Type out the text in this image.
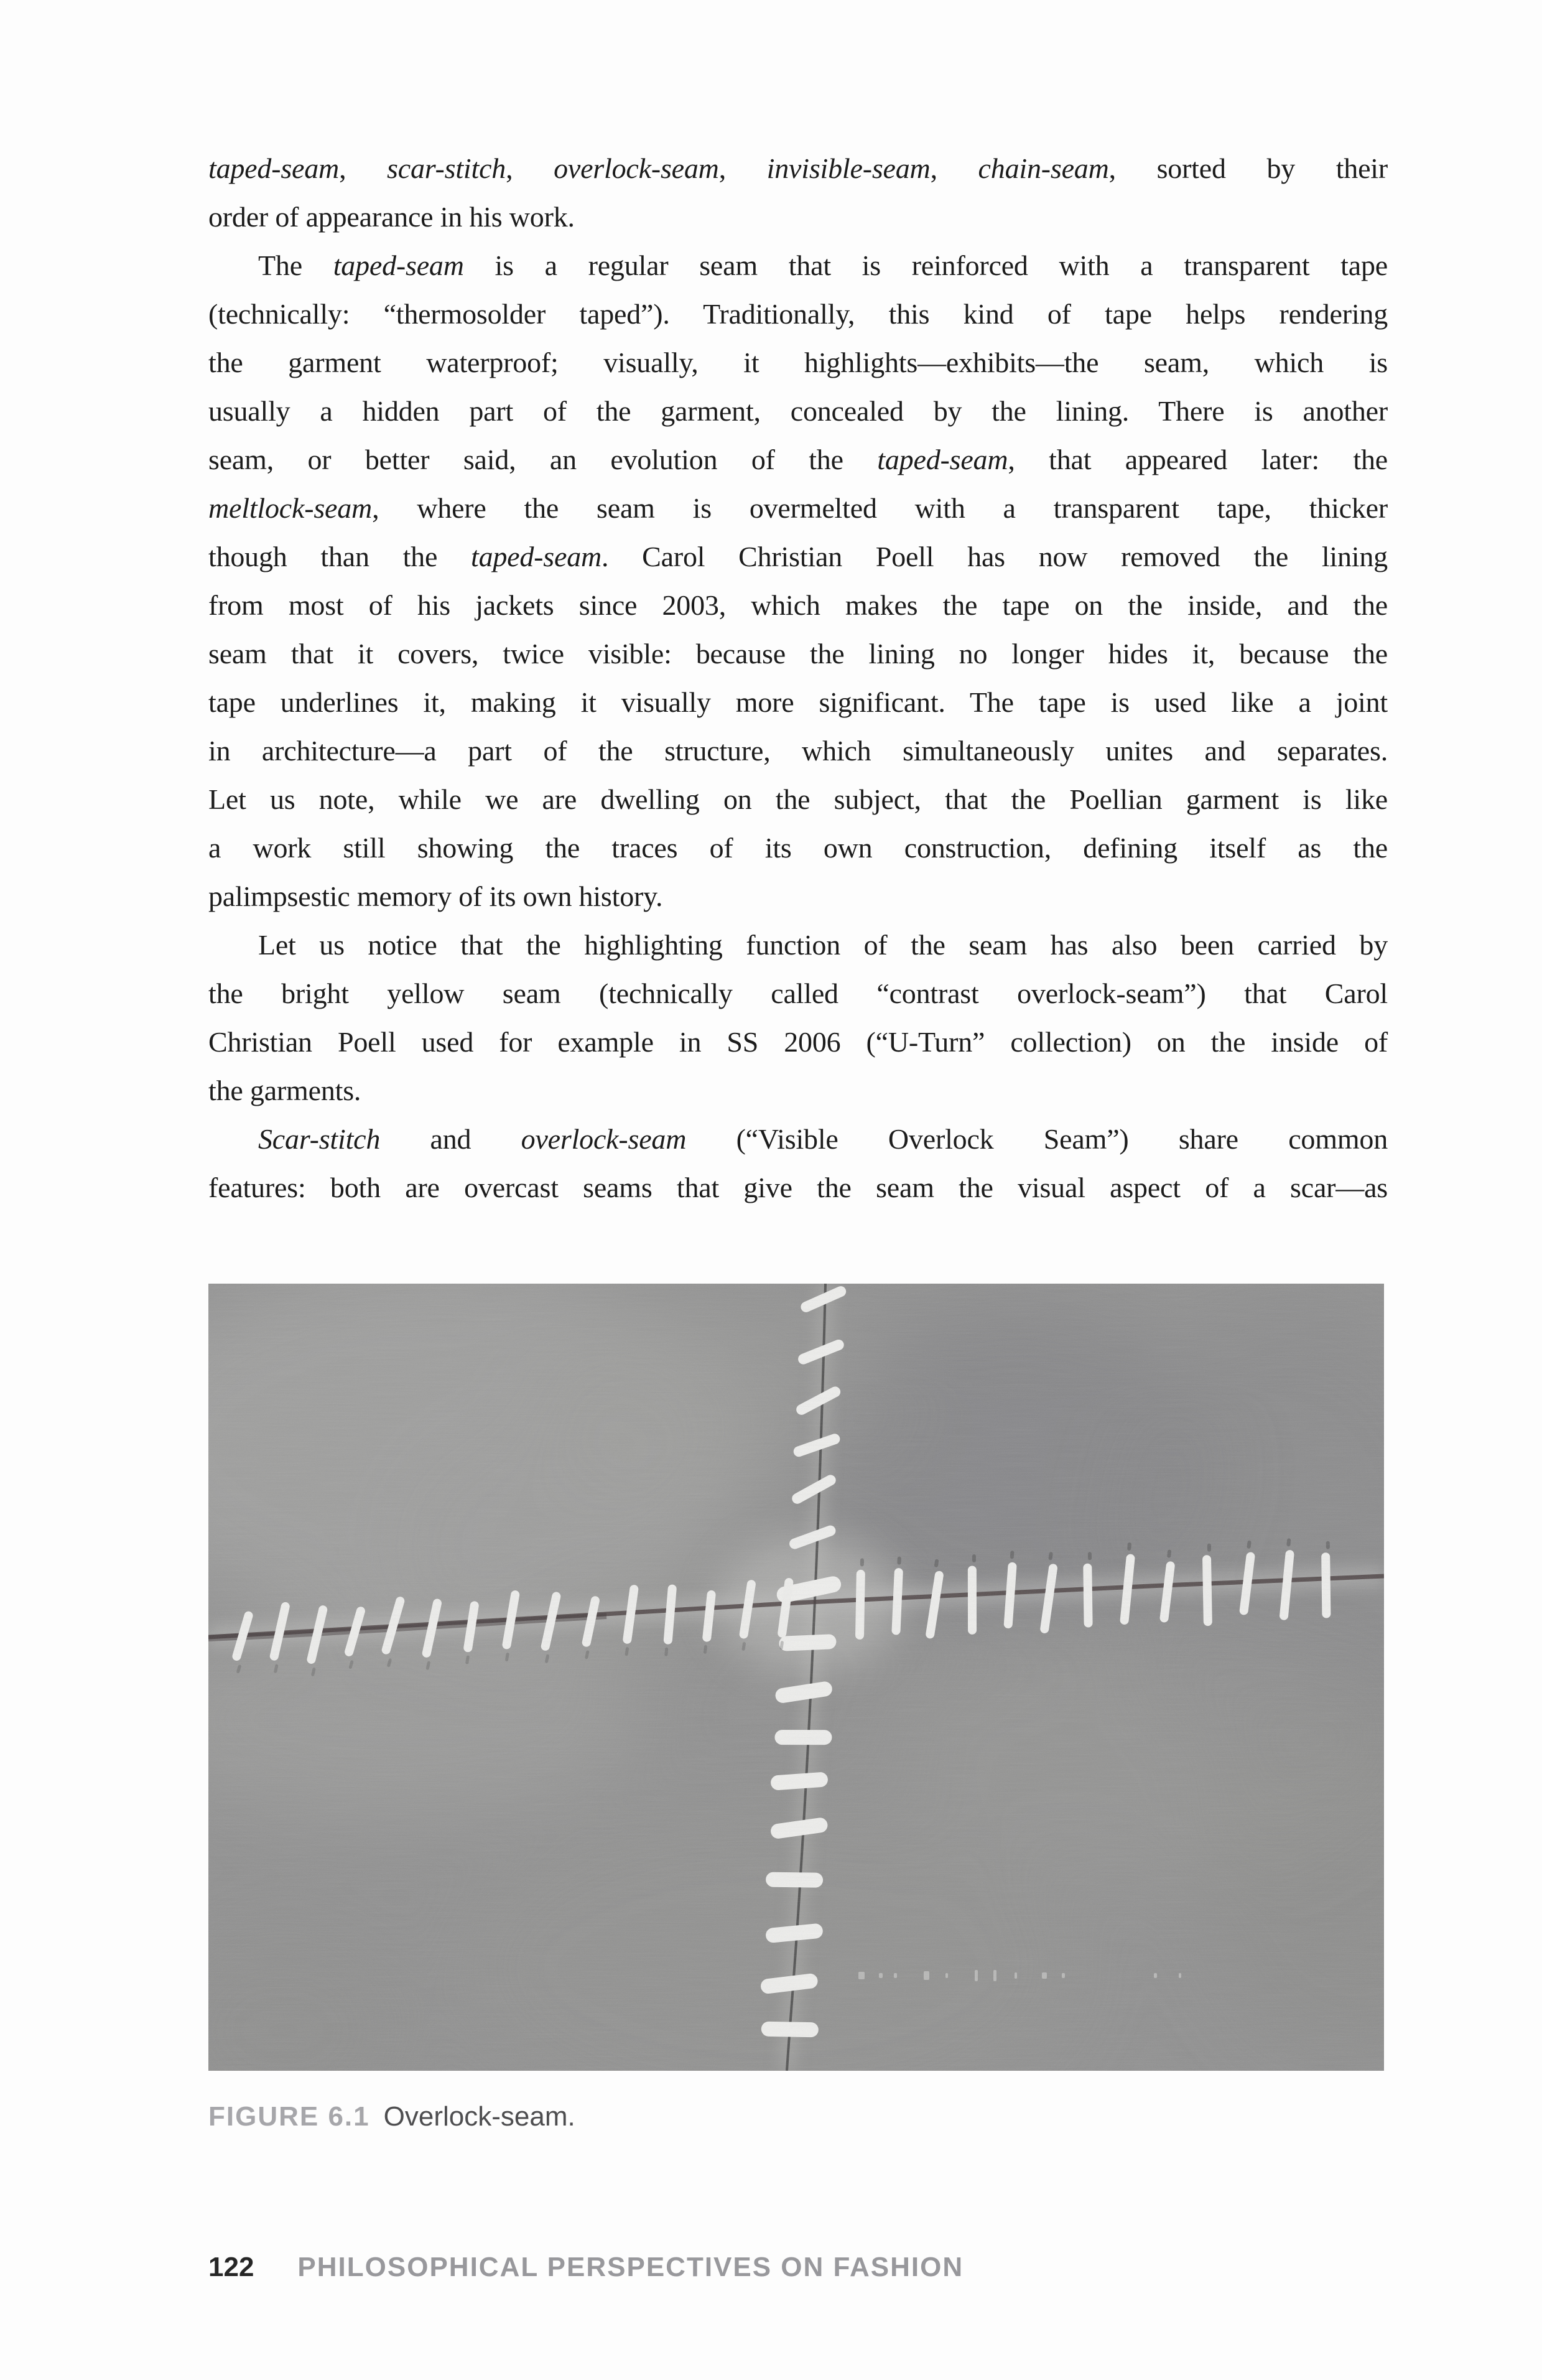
taped-seam, scar-stitch, overlock-seam, invisible-seam, chain-seam, sorted by their
order of appearance in his work.
The taped-seam is a regular seam that is reinforced with a transparent tape
(technically: “thermosolder taped”). Traditionally, this kind of tape helps rendering
the garment waterproof; visually, it highlights—exhibits—the seam, which is
usually a hidden part of the garment, concealed by the lining. There is another
seam, or better said, an evolution of the taped-seam, that appeared later: the
meltlock-seam, where the seam is overmelted with a transparent tape, thicker
though than the taped-seam. Carol Christian Poell has now removed the lining
from most of his jackets since 2003, which makes the tape on the inside, and the
seam that it covers, twice visible: because the lining no longer hides it, because the
tape underlines it, making it visually more significant. The tape is used like a joint
in architecture—a part of the structure, which simultaneously unites and separates.
Let us note, while we are dwelling on the subject, that the Poellian garment is like
a work still showing the traces of its own construction, defining itself as the
palimpsestic memory of its own history.
Let us notice that the highlighting function of the seam has also been carried by
the bright yellow seam (technically called “contrast overlock-seam”) that Carol
Christian Poell used for example in SS 2006 (“U-Turn” collection) on the inside of
the garments.
Scar-stitch and overlock-seam (“Visible Overlock Seam”) share common
features: both are overcast seams that give the seam the visual aspect of a scar—as
FIGURE 6.1 Overlock-seam.
122 PHILOSOPHICAL PERSPECTIVES ON FASHION
